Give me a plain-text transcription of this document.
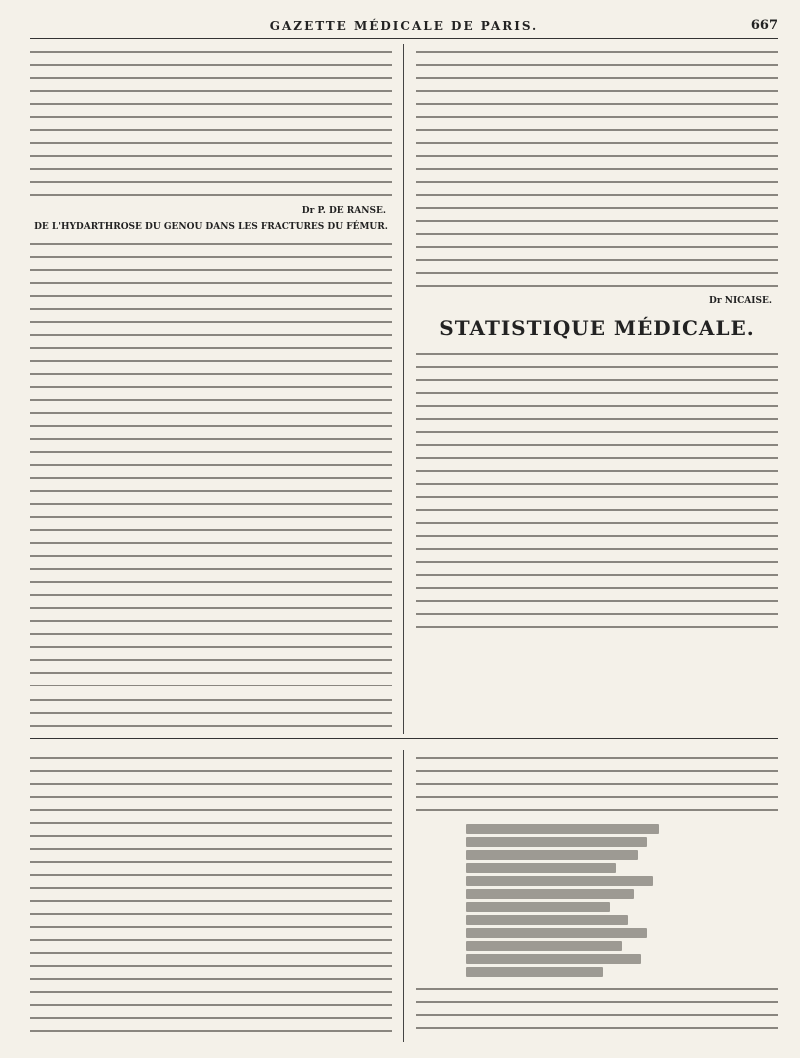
GAZETTE MÉDICALE DE PARIS.	667
Dr P. DE RANSE.
DE L'HYDARTHROSE DU GENOU DANS LES FRACTURES DU FÉMUR.
Dr NICAISE.
STATISTIQUE MÉDICALE.
